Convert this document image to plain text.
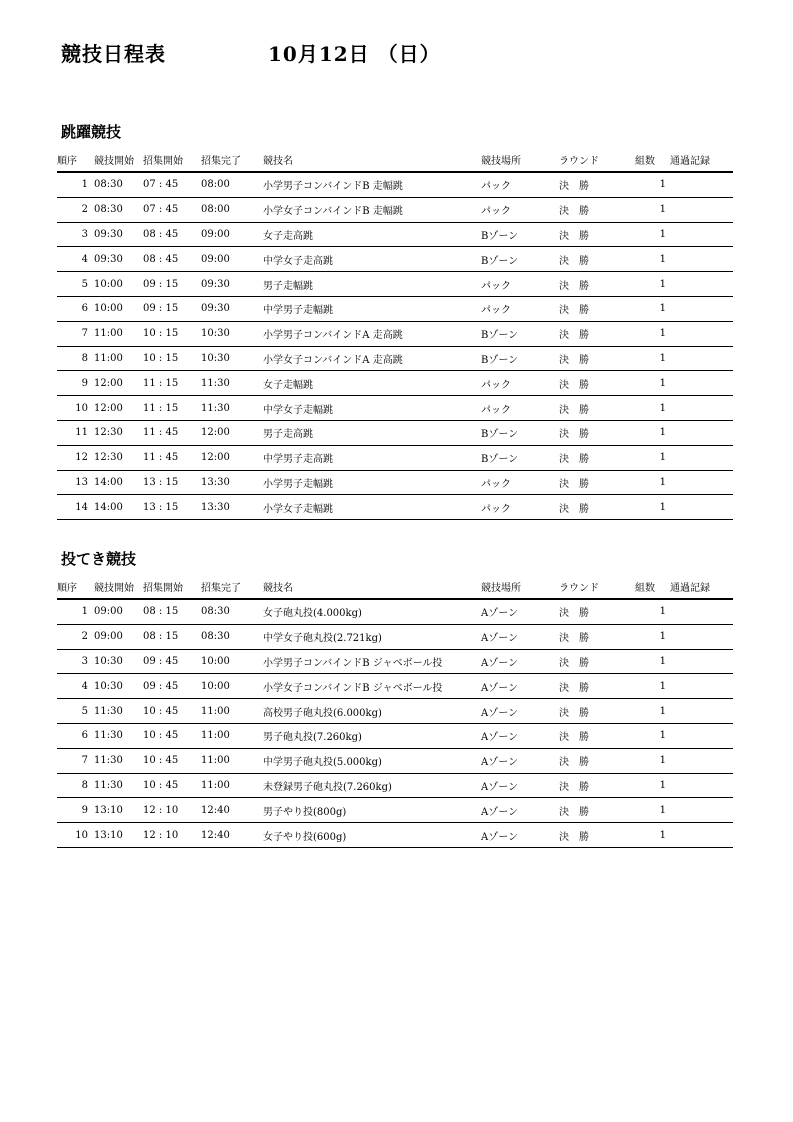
競技日程表	10月12日 （日）
跳躍競技
順序	競技開始	招集開始	招集完了	競技名	競技場所	ラウンド	組数	通過記録
1	08:30	07 : 45	08:00	小学男子コンバインドB 走幅跳	パック	決　勝	1	
2	08:30	07 : 45	08:00	小学女子コンバインドB 走幅跳	パック	決　勝	1	
3	09:30	08 : 45	09:00	女子走高跳	Bゾーン	決　勝	1	
4	09:30	08 : 45	09:00	中学女子走高跳	Bゾーン	決　勝	1	
5	10:00	09 : 15	09:30	男子走幅跳	パック	決　勝	1	
6	10:00	09 : 15	09:30	中学男子走幅跳	パック	決　勝	1	
7	11:00	10 : 15	10:30	小学男子コンバインドA 走高跳	Bゾーン	決　勝	1	
8	11:00	10 : 15	10:30	小学女子コンバインドA 走高跳	Bゾーン	決　勝	1	
9	12:00	11 : 15	11:30	女子走幅跳	パック	決　勝	1	
10	12:00	11 : 15	11:30	中学女子走幅跳	パック	決　勝	1	
11	12:30	11 : 45	12:00	男子走高跳	Bゾーン	決　勝	1	
12	12:30	11 : 45	12:00	中学男子走高跳	Bゾーン	決　勝	1	
13	14:00	13 : 15	13:30	小学男子走幅跳	パック	決　勝	1	
14	14:00	13 : 15	13:30	小学女子走幅跳	パック	決　勝	1	
投てき競技
順序	競技開始	招集開始	招集完了	競技名	競技場所	ラウンド	組数	通過記録
1	09:00	08 : 15	08:30	女子砲丸投(4.000kg)	Aゾーン	決　勝	1	
2	09:00	08 : 15	08:30	中学女子砲丸投(2.721kg)	Aゾーン	決　勝	1	
3	10:30	09 : 45	10:00	小学男子コンバインドB ジャベボール投	Aゾーン	決　勝	1	
4	10:30	09 : 45	10:00	小学女子コンバインドB ジャベボール投	Aゾーン	決　勝	1	
5	11:30	10 : 45	11:00	高校男子砲丸投(6.000kg)	Aゾーン	決　勝	1	
6	11:30	10 : 45	11:00	男子砲丸投(7.260kg)	Aゾーン	決　勝	1	
7	11:30	10 : 45	11:00	中学男子砲丸投(5.000kg)	Aゾーン	決　勝	1	
8	11:30	10 : 45	11:00	未登録男子砲丸投(7.260kg)	Aゾーン	決　勝	1	
9	13:10	12 : 10	12:40	男子やり投(800g)	Aゾーン	決　勝	1	
10	13:10	12 : 10	12:40	女子やり投(600g)	Aゾーン	決　勝	1	
